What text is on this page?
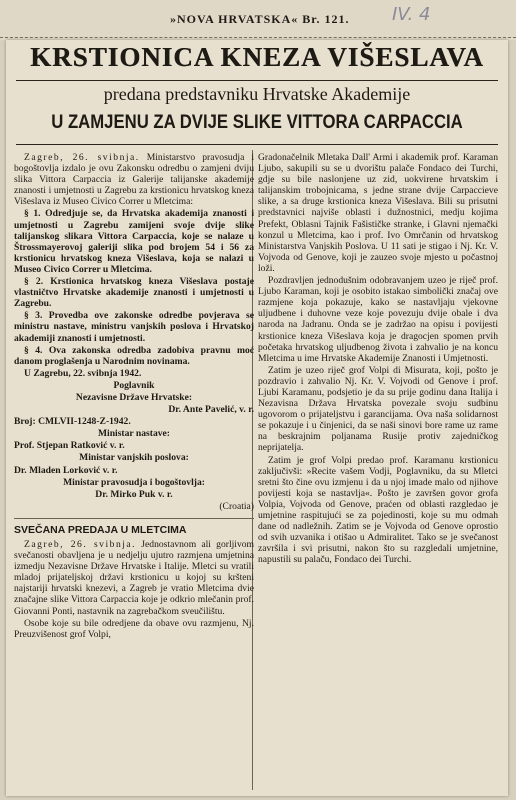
»NOVA HRVATSKA« Br. 121. IV. 4
KRSTIONICA KNEZA VIŠESLAVA
predana predstavniku Hrvatske Akademije
U ZAMJENU ZA DVIJE SLIKE VITTORA CARPACCIA

Zagreb, 26. svibnja. Ministarstvo pravosudja i bogoštovlja izdalo je ovu Zakonsku odredbu o zamjeni dviju slika Vittora Carpaccia iz Galerije talijanske akademije znanosti i umjetnosti u Zagrebu za krstionicu hrvatskog kneza Višeslava iz Museo Civico Correr u Mletcima:

§ 1. Odredjuje se, da Hrvatska akademija znanosti i umjetnosti u Zagrebu zamijeni svoje dvije slike talijanskog slikara Vittora Carpaccia, koje se nalaze u Štrossmayerovoj galeriji slika pod brojem 54 i 56 za krstionicu hrvatskog kneza Višeslava, koja se nalazi u Museo Civico Correr u Mletcima.

§ 2. Krstionica hrvatskog kneza Višeslava postaje vlastničtvo Hrvatske akademije znanosti i umjetnosti u Zagrebu.

§ 3. Provedba ove zakonske odredbe povjerava se ministru nastave, ministru vanjskih poslova i Hrvatskoj akademiji znanosti i umjetnosti.

§ 4. Ova zakonska odredba zadobiva pravnu moć danom proglašenja u Narodnim novinama.

U Zagrebu, 22. svibnja 1942.

Poglavnik

Nezavisne Države Hrvatske:

Dr. Ante Pavelić, v. r.

Broj: CMLVII-1248-Z-1942.

Ministar nastave:

Prof. Stjepan Ratković v. r.

Ministar vanjskih poslova:

Dr. Mladen Lorković v. r.

Ministar pravosudja i bogoštovlja:

Dr. Mirko Puk v. r.

(Croatia)

SVEČANA PREDAJA U MLETCIMA

Zagreb, 26. svibnja. Jednostavnom ali gorljivom svečanosti obavljena je u nedjelju ujutro razmjena umjetnina izmedju Nezavisne Države Hrvatske i Italije. Mletci su vratili mladoj prijateljskoj državi krstionicu u kojoj su kršteni najstariji hrvatski knezevi, a Zagreb je vratio Mletcima dvie značajne slike Vittora Carpaccia koje je odkrio mlečanin prof. Giovanni Ponti, nastavnik na zagrebačkom sveučilištu.

Osobe koje su bile odredjene da obave ovu razmjenu, Nj. Preuzvišenost grof Volpi,

Gradonačelnik Mletaka Dall' Armi i akademik prof. Karaman Ljubo, sakupili su se u dvorištu palače Fondaco dei Turchi, gdje su bile naslonjene uz zid, uokvirene hrvatskim i talijanskim trobojnicama, s jedne strane dvije Carpaccieve slike, a sa druge krstionica kneza Višeslava. Bili su prisutni predstavnici najviše oblasti i dužnostnici, medju kojima Prefekt, Oblasni Tajnik Fašističke stranke, i Glavni njemački konzul u Mletcima, kao i prof. Ivo Omrčanin od hrvatskog Ministarstva Vanjskih Poslova. U 11 sati je stigao i Nj. Kr. V. Vojvoda od Genove, koji je zauzeo svoje mjesto u počastnoj loži.

Pozdravljen jednodušnim odobravanjem uzeo je riječ prof. Ljubo Karaman, koji je osobito istakao simbolički značaj ove razmjene koja pokazuje, kako se nastavljaju vjekovne uljudbene i duhovne veze koje povezuju dvije obale i dva naroda na Jadranu. Onda se je zadržao na opisu i povijesti krstionice kneza Višeslava koja je dragocjen spomen prvih početaka hrvatskog uljudbenog života i zahvalio je na koncu Mletcima u ime Hrvatske Akademije Znanosti i Umjetnosti.

Zatim je uzeo riječ grof Volpi di Misurata, koji, pošto je pozdravio i zahvalio Nj. Kr. V. Vojvodi od Genove i prof. Ljubi Karamanu, podsjetio je da su prije godinu dana Italija i Nezavisna Država Hrvatska povezale svoju sudbinu ugovorom o prijateljstvu i garancijama. Ova naša solidarnost se pokazuje i u činjenici, da se naši sinovi bore rame uz rame na beskrajnim poljanama Rusije protiv zajedničkog neprijatelja.

Zatim je grof Volpi predao prof. Karamanu krstionicu zaključivši: »Recite vašem Vodji, Poglavniku, da su Mletci sretni što čine ovu izmjenu i da u njoj imade malo od njihove povijesti koja se nastavlja«. Pošto je završen govor grofa Volpia, Vojvoda od Genove, praćen od oblasti razgledao je umjetnine raspitujući se za pojedinosti, koje su mu odmah dane od nadležnih. Zatim se je Vojvoda od Genove oprostio od svih uzvanika i otišao u Admiralitet. Tako se je svečanost završila i svi prisutni, nakon što su razgledali umjetnine, napustili su palaču, Fondaco dei Turchi.
